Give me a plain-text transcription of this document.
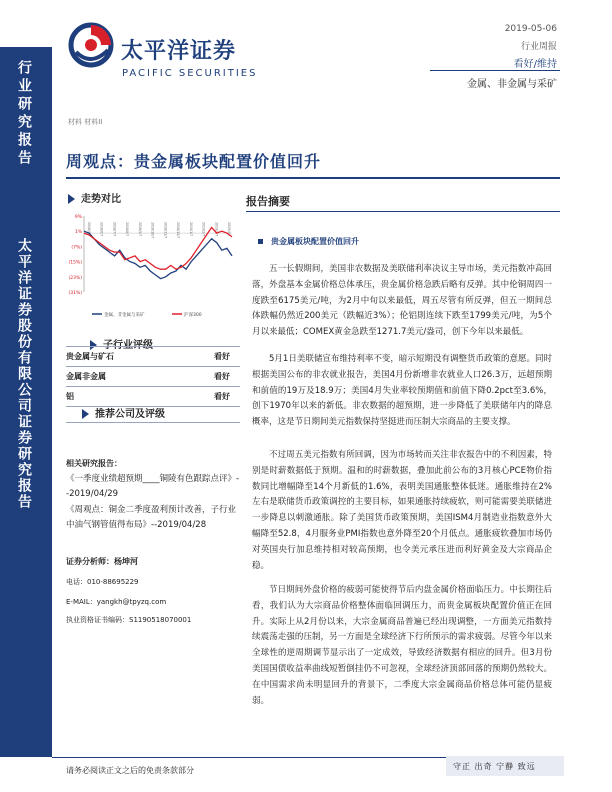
行业研究报告
太平洋证券股份有限公司证券研究报告
太平洋证券
PACIFIC SECURITIES
2019-05-06
行业周报
看好/维持
金属、非金属与采矿
材料 材料II
周观点：贵金属板块配置价值回升
走势对比
9%
1%
(7%)
(15%)
(23%)
(31%)
2018/5/7	2018/6/7	2018/7/7	2018/8/7	2018/9/7	2018/10/7	2018/11/7	2018/12/7	2019/1/7	2019/2/7	2019/3/7	2019/4/7
金属、非金属与采矿	沪深300
子行业评级
贵金属与矿石	看好
金属非金属	看好
铝	看好
推荐公司及评级
相关研究报告：
《一季度业绩超预期____铜陵有色跟踪点评》--2019/04/29
《周观点：铜金二季度盈利预计改善，子行业中油气钢管值得布局》--2019/04/28
证券分析师：杨坤河
电话：010-88695229
E-MAIL：yangkh@tpyzq.com
执业资格证书编码：S1190518070001
报告摘要
贵金属板块配置价值回升

五一长假期间，美国非农数据及美联储利率决议主导市场，美元指数冲高回落，外盘基本金属价格总体承压，贵金属价格急跌后略有反弹。其中伦铜周四一度跌至6175美元/吨，为2月中旬以来最低，周五尽管有所反弹，但五一期间总体跌幅仍然近200美元（跌幅近3%）；伦铝則连续下跌至1799美元/吨，为5个月以来最低；COMEX黄金急跌至1271.7美元/盎司，创下今年以来最低。

5月1日美联储宣布维持利率不变，暗示短期没有调整货币政策的意愿。同时根据美国公布的非农就业报告，美国4月份新增非农就业人口26.3万，远超预期和前值的19万及18.9万；美国4月失业率较预期值和前值下降0.2pct至3.6%，创下1970年以来的新低。非农数据的超预期，进一步降低了美联储年内的降息概率，这是节日期间美元指数保持坚挺进而压制大宗商品的主要支撑。

不过周五美元指数有所回调，因为市场转而关注非农报告中的不利因素，特别是时薪数据低于预期。温和的时薪数据，叠加此前公布的3月核心PCE物价指数同比增幅降至14个月新低的1.6%，表明美国通胀整体低迷。通胀维持在2%左右是联储货币政策调控的主要目标，如果通胀持续疲软，则可能需要美联储进一步降息以刺激通胀。除了美国货币政策预期，美国ISM4月制造业指数意外大幅降至52.8，4月服务业PMI指数也意外降至20个月低点。通胀疲软叠加市场仍对英国央行加息维持相对较高预期，也令美元承压进而利好黄金及大宗商品企稳。

节日期间外盘价格的疲弱可能使得节后内盘金属价格面临压力。中长期往后看，我们认为大宗商品价格整体面临回调压力，而贵金属板块配置价值正在回升。实际上从2月份以来，大宗金属商品普遍已经出现调整，一方面美元指数持续震荡走强的压制，另一方面是全球经济下行所预示的需求疲弱。尽管今年以来全球性的逆周期调节显示出了一定成效，导致经济数据有相应的回升。但3月份美国国债收益率曲线短暂倒挂仍不可忽视，全球经济顶部回落的预期仍然较大。在中国需求尚未明显回升的背景下，二季度大宗金属商品价格总体可能仍显疲弱。

请务必阅读正文之后的免责条款部分	守正 出奇 宁静 致远
